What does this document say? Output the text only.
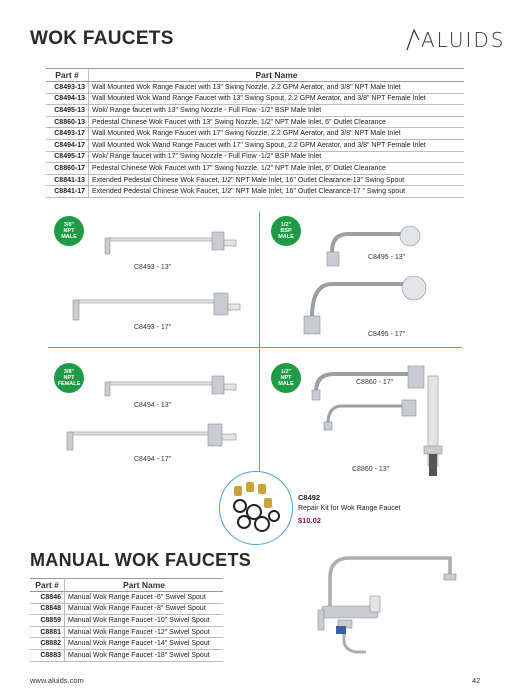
WOK FAUCETS	ALUIDS
Part #	Part Name
C8493-13	Wall Mounted Wok Range Faucet with 13" Swing Nozzle, 2.2 GPM Aerator, and 3/8" NPT Male Inlet
C8494-13	Wall Mounted Wok Wand Range Faucet with 13" Swing Spout, 2.2 GPM Aerator, and 3/8" NPT Female Inlet
C8495-13	Wok/ Range faucet with 13" Swing Nozzle - Full Flow -1/2" BSP Male Inlet
C8860-13	Pedestal Chinese Wok Faucet with 13" Swing Nozzle, 1/2" NPT Male Inlet, 6" Outlet Clearance
C8493-17	Wall Mounted Wok Range Faucet with 17" Swing Nozzle, 2.2 GPM Aerator, and 3/8" NPT Male Inlet
C8494-17	Wall Mounted Wok Wand Range Faucet with 17" Swing Spout, 2.2 GPM Aerator, and 3/8" NPT Female Inlet
C8495-17	Wok/ Range faucet with 17" Swing Nozzle - Full Flow -1/2" BSP Male Inlet
C8860-17	Pedestal Chinese Wok Faucet with 17" Swing Nozzle, 1/2" NPT Male Inlet, 6" Outlet Clearance
C8841-13	Extended Pedestal Chinese Wok Faucet, 1/2" NPT Male Inlet, 16" Outlet Clearance-13" Swing Spout
C8841-17	Extended Pedestal Chinese Wok Faucet, 1/2" NPT Male Inlet, 16" Outlet Clearance-17 " Swing spout
3/8"
NPT
MALE
1/2"
BSP
MALE
3/8"
NPT
FEMALE
1/2"
NPT
MALE
C8493 - 13"
C8493 - 17"
C8495 - 13"
C8495 - 17"
C8494 - 13"
C8494 - 17"
C8860 - 17"
C8860 - 13"
C8492
Repair Kit for Wok Range Faucet
$10.02
MANUAL WOK FAUCETS
Part #	Part Name
C8846	Manual Wok Range Faucet -6" Swivel Spout
C8848	Manual Wok Range Faucet -8" Swivel Spout
C8859	Manual Wok Range Faucet -10" Swivel Spout
C8881	Manual Wok Range Faucet -12" Swivel Spout
C8882	Manual Wok Range Faucet -14" Swivel Spout
C8883	Manual Wok Range Faucet -18" Swivel Spout
www.aluids.com	42
